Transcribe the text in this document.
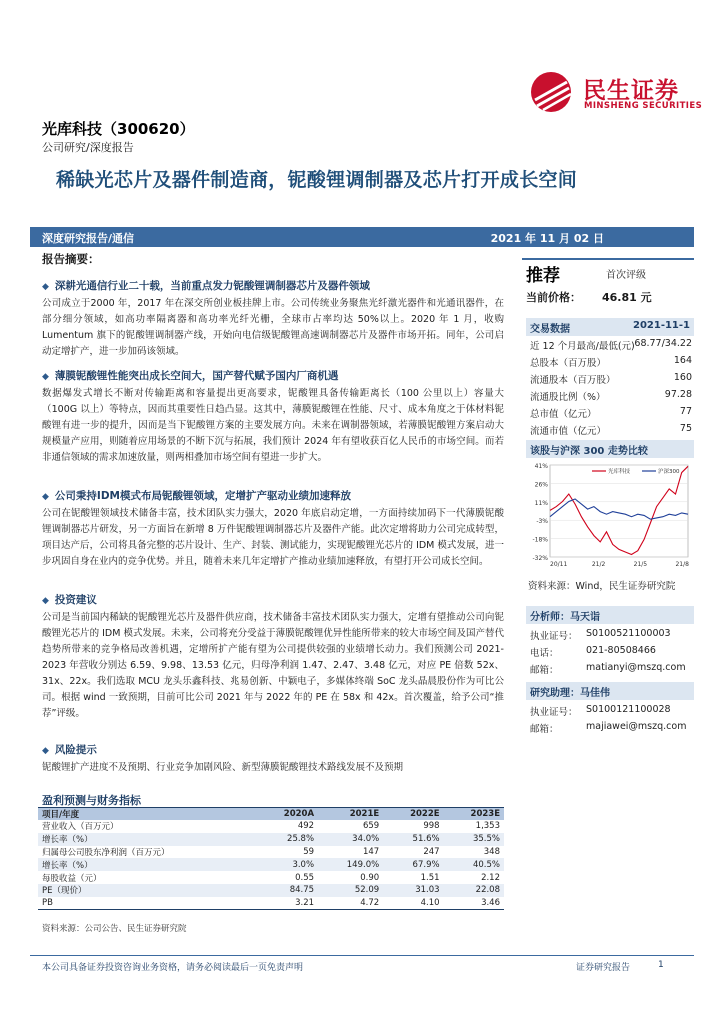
光库科技（300620）
公司研究/深度报告
稀缺光芯片及器件制造商，铌酸锂调制器及芯片打开成长空间
民生证券
MINSHENG SECURITIES
深度研究报告/通信	2021 年 11 月 02 日
报告摘要：
◆ 深耕光通信行业二十载，当前重点发力铌酸锂调制器芯片及器件领域
公司成立于2000 年，2017 年在深交所创业板挂牌上市。公司传统业务聚焦光纤激光器件和光通讯器件，在部分细分领域，如高功率隔离器和高功率光纤光栅，全球市占率均达 50%以上。2020 年 1 月，收购 Lumentum 旗下的铌酸锂调制器产线，开始向电信级铌酸锂高速调制器芯片及器件市场开拓。同年，公司启动定增扩产，进一步加码该领域。
◆ 薄膜铌酸锂性能突出成长空间大，国产替代赋予国内厂商机遇
数据爆发式增长不断对传输距离和容量提出更高要求，铌酸锂具备传输距离长（100 公里以上）容量大（100G 以上）等特点，因而其重要性日趋凸显。这其中，薄膜铌酸锂在性能、尺寸、成本角度之于体材料铌酸锂有进一步的提升，因而是当下铌酸锂方案的主要发展方向。未来在调制器领域，若薄膜铌酸锂方案启动大规模量产应用，则随着应用场景的不断下沉与拓展，我们预计 2024 年有望收获百亿人民币的市场空间。而若非通信领域的需求加速放量，则两相叠加市场空间有望进一步扩大。
◆ 公司秉持IDM模式布局铌酸锂领域，定增扩产驱动业绩加速释放
公司在铌酸锂领域技术储备丰富，技术团队实力强大，2020 年底启动定增，一方面持续加码下一代薄膜铌酸锂调制器芯片研发，另一方面旨在新增 8 万件铌酸锂调制器芯片及器件产能。此次定增将助力公司完成转型，项目达产后，公司将具备完整的芯片设计、生产、封装、测试能力，实现铌酸锂光芯片的 IDM 模式发展，进一步巩固自身在业内的竞争优势。并且，随着未来几年定增扩产推动业绩加速释放，有望打开公司成长空间。
◆ 投资建议
公司是当前国内稀缺的铌酸锂光芯片及器件供应商，技术储备丰富技术团队实力强大，定增有望推动公司向铌酸锂光芯片的 IDM 模式发展。未来，公司将充分受益于薄膜铌酸锂优异性能所带来的较大市场空间及国产替代趋势所带来的竞争格局改善机遇，定增所扩产能有望为公司提供较强的业绩增长动力。我们预测公司 2021-2023 年营收分别达 6.59、9.98、13.53 亿元，归母净利润 1.47、2.47、3.48 亿元，对应 PE 倍数 52x、31x、22x。我们选取 MCU 龙头乐鑫科技、兆易创新、中颖电子，多媒体终端 SoC 龙头晶晨股份作为可比公司。根据 wind 一致预期，目前可比公司 2021 年与 2022 年的 PE 在 58x 和 42x。首次覆盖，给予公司“推荐”评级。
◆ 风险提示
铌酸锂扩产进度不及预期、行业竞争加剧风险、新型薄膜铌酸锂技术路线发展不及预期
推荐	首次评级
当前价格： 46.81 元
交易数据	2021-11-1
近 12 个月最高/最低(元) 68.77/34.22
总股本（百万股）	164
流通股本（百万股）	160
流通股比例（%）	97.28
总市值（亿元）	77
流通市值（亿元）	75
该股与沪深 300 走势比较
41%
26%
11%
-3%
-18%
-32%
20/11	21/2	21/5	21/8
光库科技	沪深300
资料来源：Wind，民生证券研究院
分析师：马天诣
执业证号： S0100521100003
电话：	021-80508466
邮箱：	matianyi@mszq.com
研究助理：马佳伟
执业证号： S0100121100028
邮箱：	majiawei@mszq.com
盈利预测与财务指标
项目/年度	2020A	2021E	2022E	2023E
营业收入（百万元）	492	659	998	1,353
增长率（%）	25.8%	34.0%	51.6%	35.5%
归属母公司股东净利润（百万元）	59	147	247	348
增长率（%）	3.0%	149.0%	67.9%	40.5%
每股收益（元）	0.55	0.90	1.51	2.12
PE（现价）	84.75	52.09	31.03	22.08
PB	3.21	4.72	4.10	3.46
资料来源：公司公告、民生证券研究院
本公司具备证券投资咨询业务资格，请务必阅读最后一页免责声明	证券研究报告	1
